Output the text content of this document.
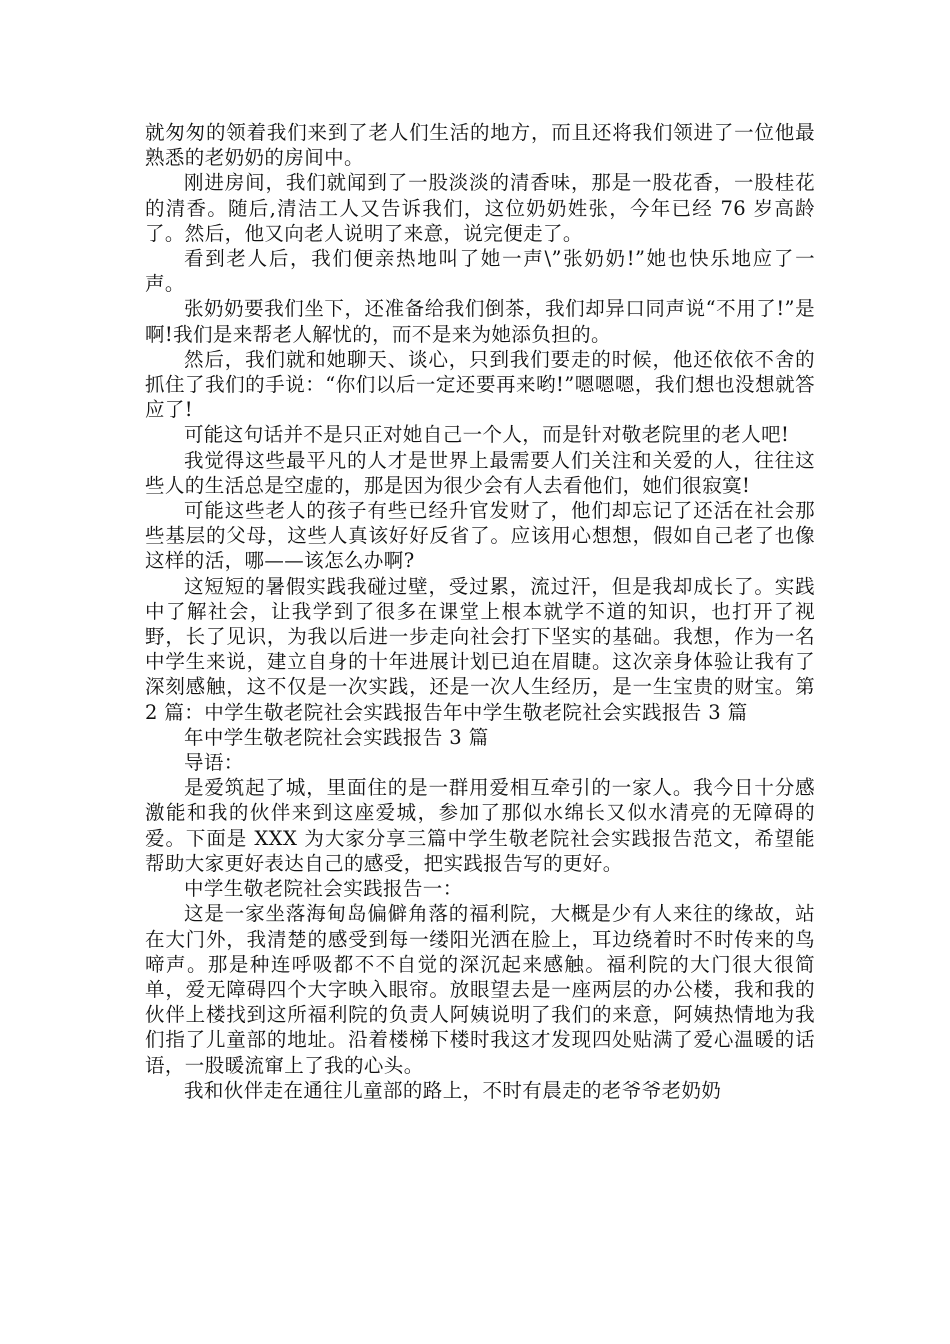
就匆匆的领着我们来到了老人们生活的地方，而且还将我们领进了一位他最熟悉的老奶奶的房间中。

刚进房间，我们就闻到了一股淡淡的清香味，那是一股花香，一股桂花的清香。随后,清洁工人又告诉我们，这位奶奶姓张，今年已经 76 岁高龄了。然后，他又向老人说明了来意，说完便走了。

看到老人后，我们便亲热地叫了她一声\”张奶奶!”她也快乐地应了一声。

张奶奶要我们坐下，还准备给我们倒茶，我们却异口同声说“不用了!”是啊!我们是来帮老人解忧的，而不是来为她添负担的。

然后，我们就和她聊天、谈心，只到我们要走的时候，他还依依不舍的抓住了我们的手说：“你们以后一定还要再来哟!”嗯嗯嗯，我们想也没想就答应了!

可能这句话并不是只正对她自己一个人，而是针对敬老院里的老人吧!

我觉得这些最平凡的人才是世界上最需要人们关注和关爱的人，往往这些人的生活总是空虚的，那是因为很少会有人去看他们，她们很寂寞!

可能这些老人的孩子有些已经升官发财了，他们却忘记了还活在社会那些基层的父母，这些人真该好好反省了。应该用心想想，假如自己老了也像这样的活，哪——该怎么办啊?

这短短的暑假实践我碰过壁，受过累，流过汗，但是我却成长了。实践中了解社会，让我学到了很多在课堂上根本就学不道的知识，也打开了视野，长了见识，为我以后进一步走向社会打下坚实的基础。我想，作为一名中学生来说，建立自身的十年进展计划已迫在眉睫。这次亲身体验让我有了深刻感触，这不仅是一次实践，还是一次人生经历，是一生宝贵的财宝。第 2 篇：中学生敬老院社会实践报告年中学生敬老院社会实践报告 3 篇

年中学生敬老院社会实践报告 3 篇

导语：

是爱筑起了城，里面住的是一群用爱相互牵引的一家人。我今日十分感激能和我的伙伴来到这座爱城，参加了那似水绵长又似水清亮的无障碍的爱。下面是 XXX 为大家分享三篇中学生敬老院社会实践报告范文，希望能帮助大家更好表达自己的感受，把实践报告写的更好。

中学生敬老院社会实践报告一：

这是一家坐落海甸岛偏僻角落的福利院，大概是少有人来往的缘故，站在大门外，我清楚的感受到每一缕阳光洒在脸上，耳边绕着时不时传来的鸟啼声。那是种连呼吸都不不自觉的深沉起来感触。福利院的大门很大很简单，爱无障碍四个大字映入眼帘。放眼望去是一座两层的办公楼，我和我的伙伴上楼找到这所福利院的负责人阿姨说明了我们的来意，阿姨热情地为我们指了儿童部的地址。沿着楼梯下楼时我这才发现四处贴满了爱心温暖的话语，一股暖流窜上了我的心头。

我和伙伴走在通往儿童部的路上，不时有晨走的老爷爷老奶奶
